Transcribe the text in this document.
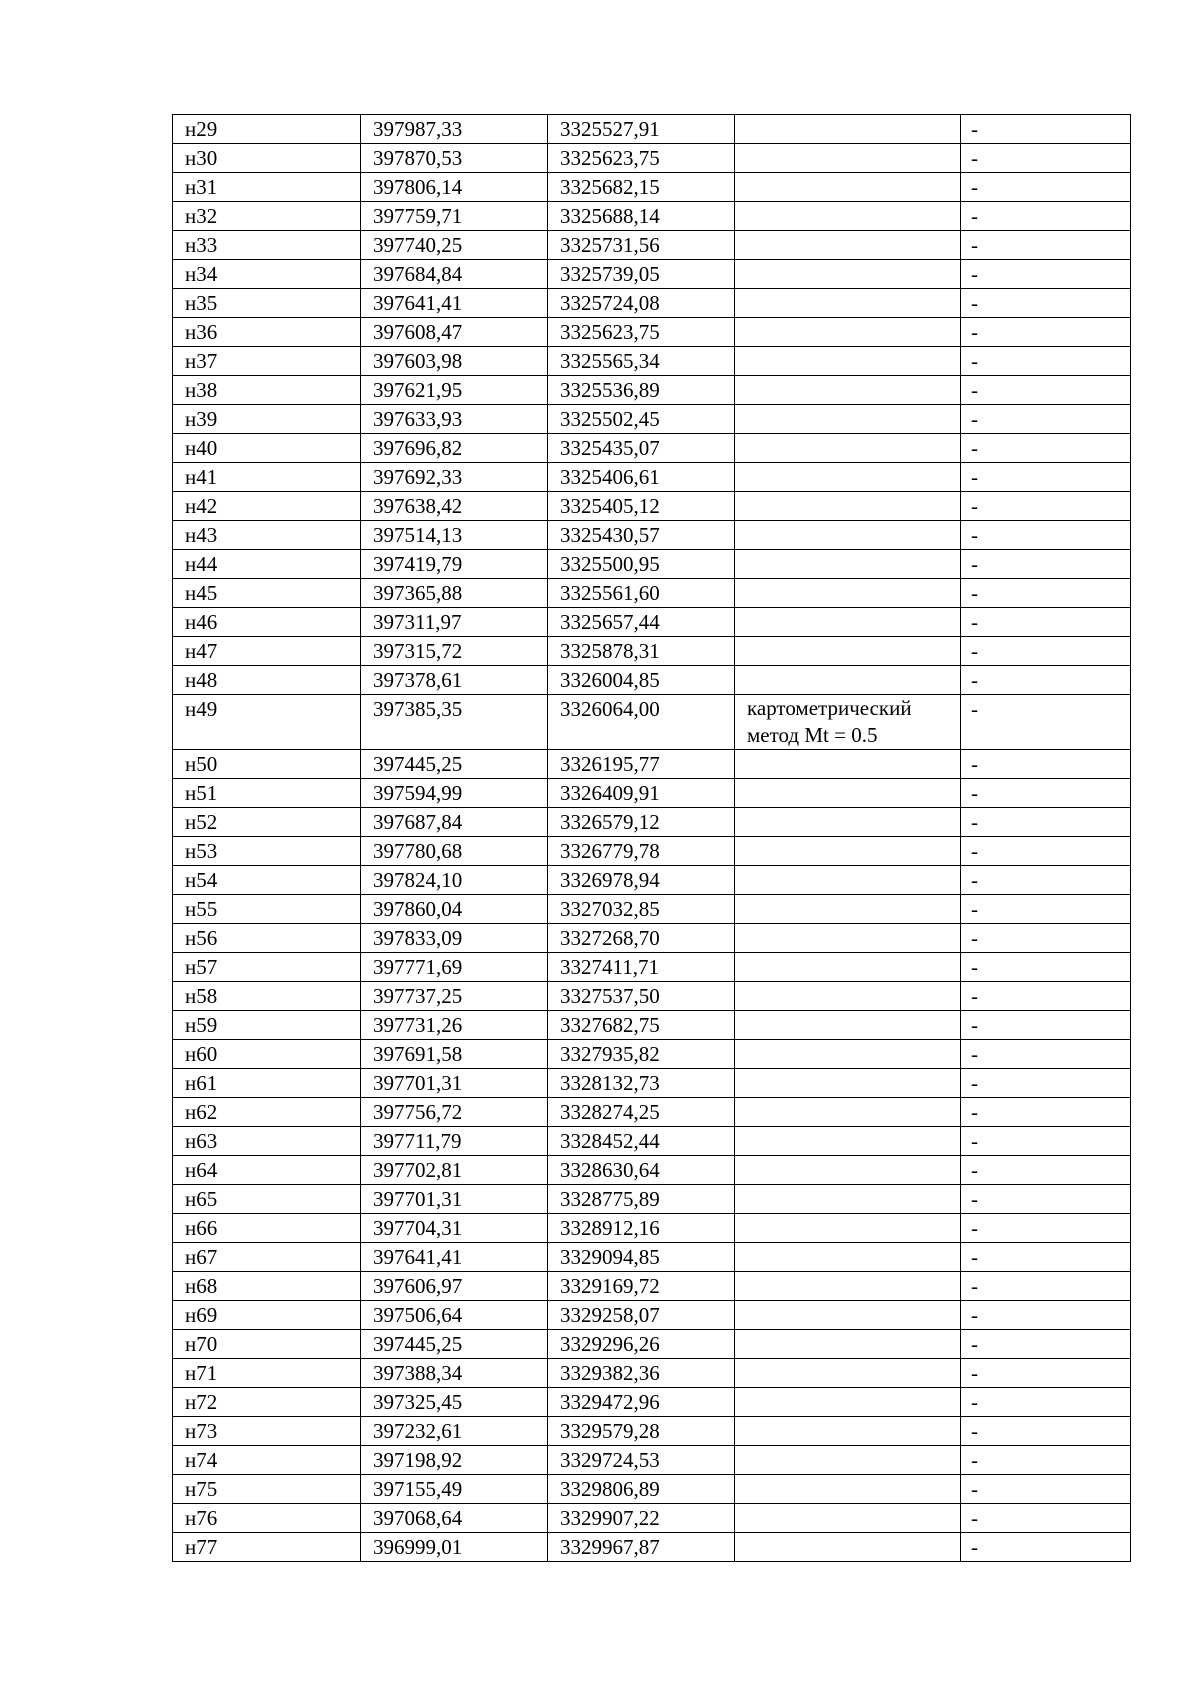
н29	397987,33	3325527,91		-
н30	397870,53	3325623,75		-
н31	397806,14	3325682,15		-
н32	397759,71	3325688,14		-
н33	397740,25	3325731,56		-
н34	397684,84	3325739,05		-
н35	397641,41	3325724,08		-
н36	397608,47	3325623,75		-
н37	397603,98	3325565,34		-
н38	397621,95	3325536,89		-
н39	397633,93	3325502,45		-
н40	397696,82	3325435,07		-
н41	397692,33	3325406,61		-
н42	397638,42	3325405,12		-
н43	397514,13	3325430,57		-
н44	397419,79	3325500,95		-
н45	397365,88	3325561,60		-
н46	397311,97	3325657,44		-
н47	397315,72	3325878,31		-
н48	397378,61	3326004,85		-
н49	397385,35	3326064,00	картометрический метод Mt = 0.5	-
н50	397445,25	3326195,77		-
н51	397594,99	3326409,91		-
н52	397687,84	3326579,12		-
н53	397780,68	3326779,78		-
н54	397824,10	3326978,94		-
н55	397860,04	3327032,85		-
н56	397833,09	3327268,70		-
н57	397771,69	3327411,71		-
н58	397737,25	3327537,50		-
н59	397731,26	3327682,75		-
н60	397691,58	3327935,82		-
н61	397701,31	3328132,73		-
н62	397756,72	3328274,25		-
н63	397711,79	3328452,44		-
н64	397702,81	3328630,64		-
н65	397701,31	3328775,89		-
н66	397704,31	3328912,16		-
н67	397641,41	3329094,85		-
н68	397606,97	3329169,72		-
н69	397506,64	3329258,07		-
н70	397445,25	3329296,26		-
н71	397388,34	3329382,36		-
н72	397325,45	3329472,96		-
н73	397232,61	3329579,28		-
н74	397198,92	3329724,53		-
н75	397155,49	3329806,89		-
н76	397068,64	3329907,22		-
н77	396999,01	3329967,87		-
